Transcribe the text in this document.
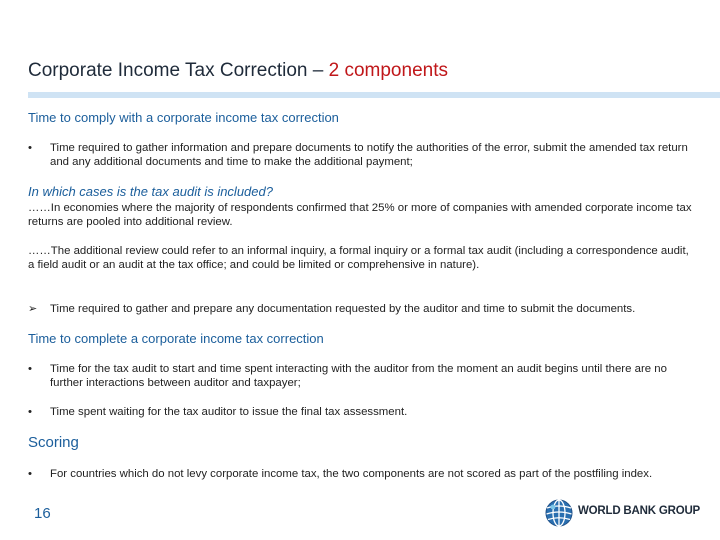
Corporate Income Tax Correction – 2 components
Time to comply with a corporate income tax correction
•	Time required to gather information and prepare documents to notify the authorities of the error, submit the amended tax return and any additional documents and time to make the additional payment;
In which cases is the tax audit is included?
……In economies where the majority of respondents confirmed that 25% or more of companies with amended corporate income tax returns are pooled into additional review.
……The additional review could refer to an informal inquiry, a formal inquiry or a formal tax audit (including a correspondence audit, a field audit or an audit at the tax office; and could be limited or comprehensive in nature).
➢	Time required to gather and prepare any documentation requested by the auditor and time to submit the documents.
Time to complete a corporate income tax correction
•	Time for the tax audit to start and time spent interacting with the auditor from the moment an audit begins until there are no further interactions between auditor and taxpayer;
•	Time spent waiting for the tax auditor to issue the final tax assessment.
Scoring
•	For countries which do not levy corporate income tax, the two components are not scored as part of the postfiling index.
16	WORLD BANK GROUP
